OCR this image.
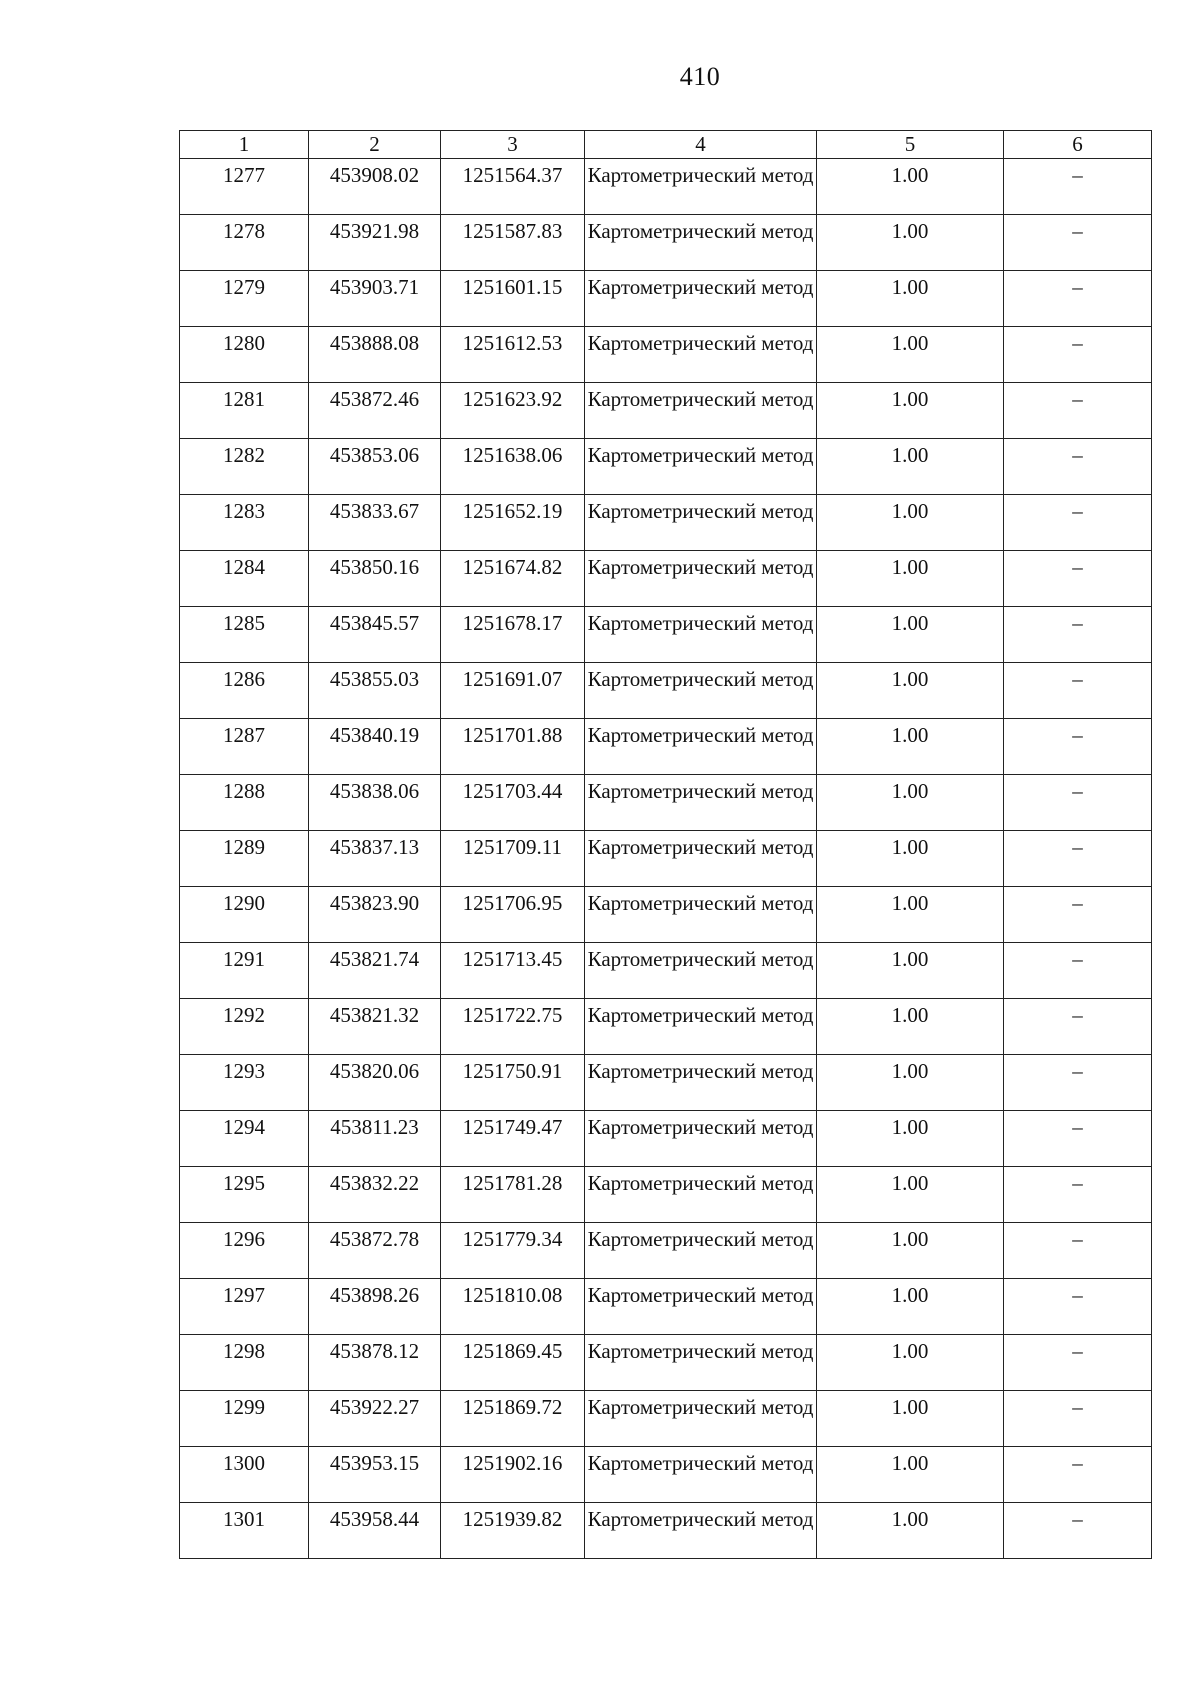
410
1	2	3	4	5	6
1277	453908.02	1251564.37	Картометрический метод	1.00	–
1278	453921.98	1251587.83	Картометрический метод	1.00	–
1279	453903.71	1251601.15	Картометрический метод	1.00	–
1280	453888.08	1251612.53	Картометрический метод	1.00	–
1281	453872.46	1251623.92	Картометрический метод	1.00	–
1282	453853.06	1251638.06	Картометрический метод	1.00	–
1283	453833.67	1251652.19	Картометрический метод	1.00	–
1284	453850.16	1251674.82	Картометрический метод	1.00	–
1285	453845.57	1251678.17	Картометрический метод	1.00	–
1286	453855.03	1251691.07	Картометрический метод	1.00	–
1287	453840.19	1251701.88	Картометрический метод	1.00	–
1288	453838.06	1251703.44	Картометрический метод	1.00	–
1289	453837.13	1251709.11	Картометрический метод	1.00	–
1290	453823.90	1251706.95	Картометрический метод	1.00	–
1291	453821.74	1251713.45	Картометрический метод	1.00	–
1292	453821.32	1251722.75	Картометрический метод	1.00	–
1293	453820.06	1251750.91	Картометрический метод	1.00	–
1294	453811.23	1251749.47	Картометрический метод	1.00	–
1295	453832.22	1251781.28	Картометрический метод	1.00	–
1296	453872.78	1251779.34	Картометрический метод	1.00	–
1297	453898.26	1251810.08	Картометрический метод	1.00	–
1298	453878.12	1251869.45	Картометрический метод	1.00	–
1299	453922.27	1251869.72	Картометрический метод	1.00	–
1300	453953.15	1251902.16	Картометрический метод	1.00	–
1301	453958.44	1251939.82	Картометрический метод	1.00	–
